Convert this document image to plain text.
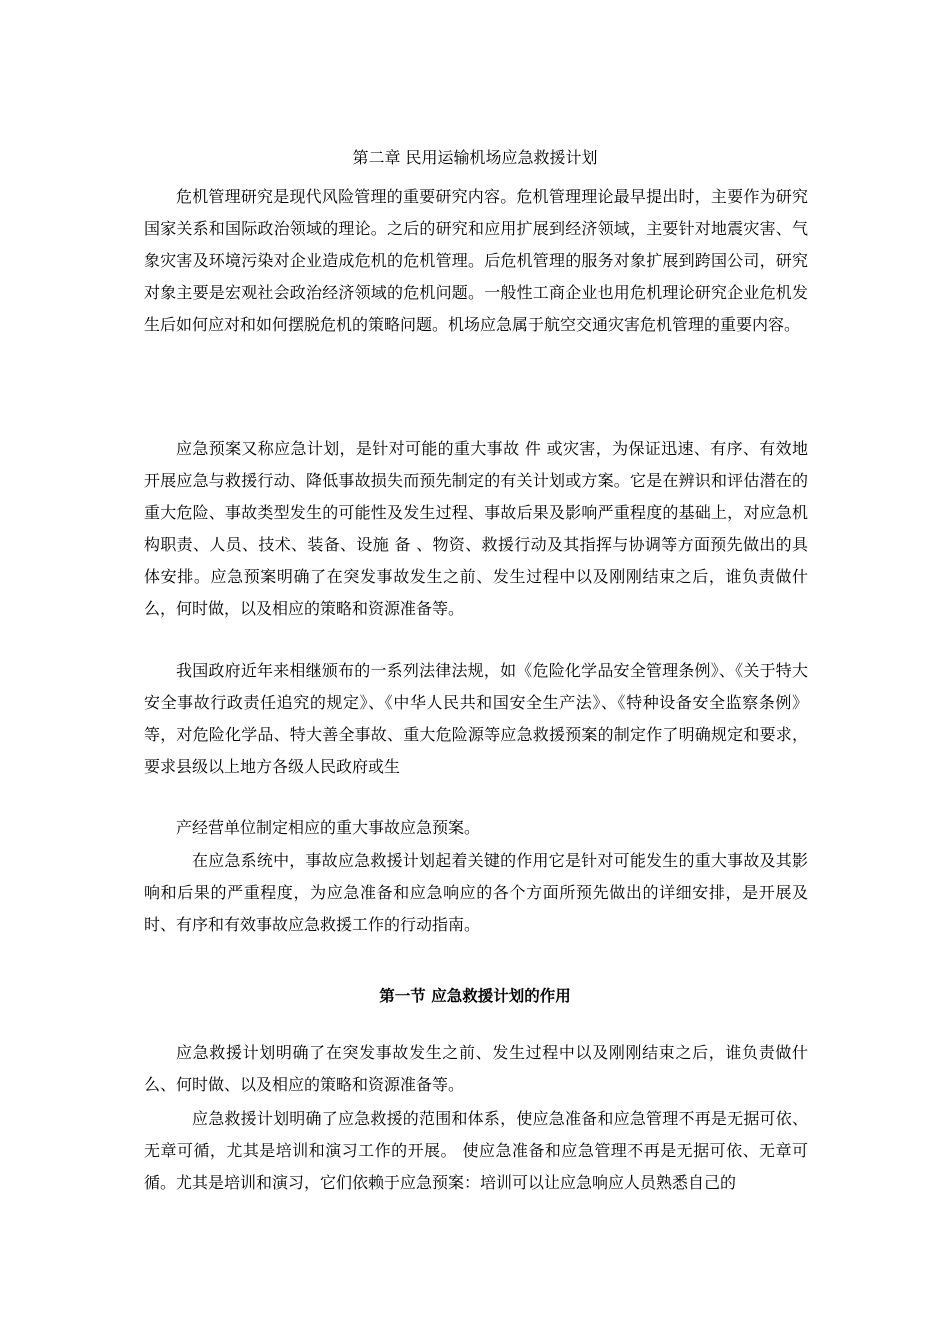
第二章 民用运输机场应急救援计划

危机管理研究是现代风险管理的重要研究内容。危机管理理论最早提出时，主要作为研究国家关系和国际政治领域的理论。之后的研究和应用扩展到经济领域，主要针对地震灾害、气象灾害及环境污染对企业造成危机的危机管理。后危机管理的服务对象扩展到跨国公司，研究对象主要是宏观社会政治经济领域的危机问题。一般性工商企业也用危机理论研究企业危机发生后如何应对和如何摆脱危机的策略问题。机场应急属于航空交通灾害危机管理的重要内容。

应急预案又称应急计划，是针对可能的重大事故 件 或灾害，为保证迅速、有序、有效地开展应急与救援行动、降低事故损失而预先制定的有关计划或方案。它是在辨识和评估潜在的重大危险、事故类型发生的可能性及发生过程、事故后果及影响严重程度的基础上，对应急机构职责、人员、技术、装备、设施 备 、物资、救援行动及其指挥与协调等方面预先做出的具体安排。应急预案明确了在突发事故发生之前、发生过程中以及刚刚结束之后，谁负责做什么，何时做，以及相应的策略和资源准备等。

我国政府近年来相继颁布的一系列法律法规，如《危险化学品安全管理条例》、《关于特大安全事故行政责任追究的规定》、《中华人民共和国安全生产法》、《特种设备安全监察条例》等，对危险化学品、特大善全事故、重大危险源等应急救援预案的制定作了明确规定和要求，要求县级以上地方各级人民政府或生

产经营单位制定相应的重大事故应急预案。

在应急系统中，事故应急救援计划起着关键的作用它是针对可能发生的重大事故及其影响和后果的严重程度，为应急准备和应急响应的各个方面所预先做出的详细安排，是开展及时、有序和有效事故应急救援工作的行动指南。

第一节 应急救援计划的作用

应急救援计划明确了在突发事故发生之前、发生过程中以及刚刚结束之后，谁负责做什么、何时做、以及相应的策略和资源准备等。

应急救援计划明确了应急救援的范围和体系，使应急准备和应急管理不再是无据可依、无章可循，尤其是培训和演习工作的开展。 使应急准备和应急管理不再是无据可依、无章可循。尤其是培训和演习，它们依赖于应急预案：培训可以让应急响应人员熟悉自己的
